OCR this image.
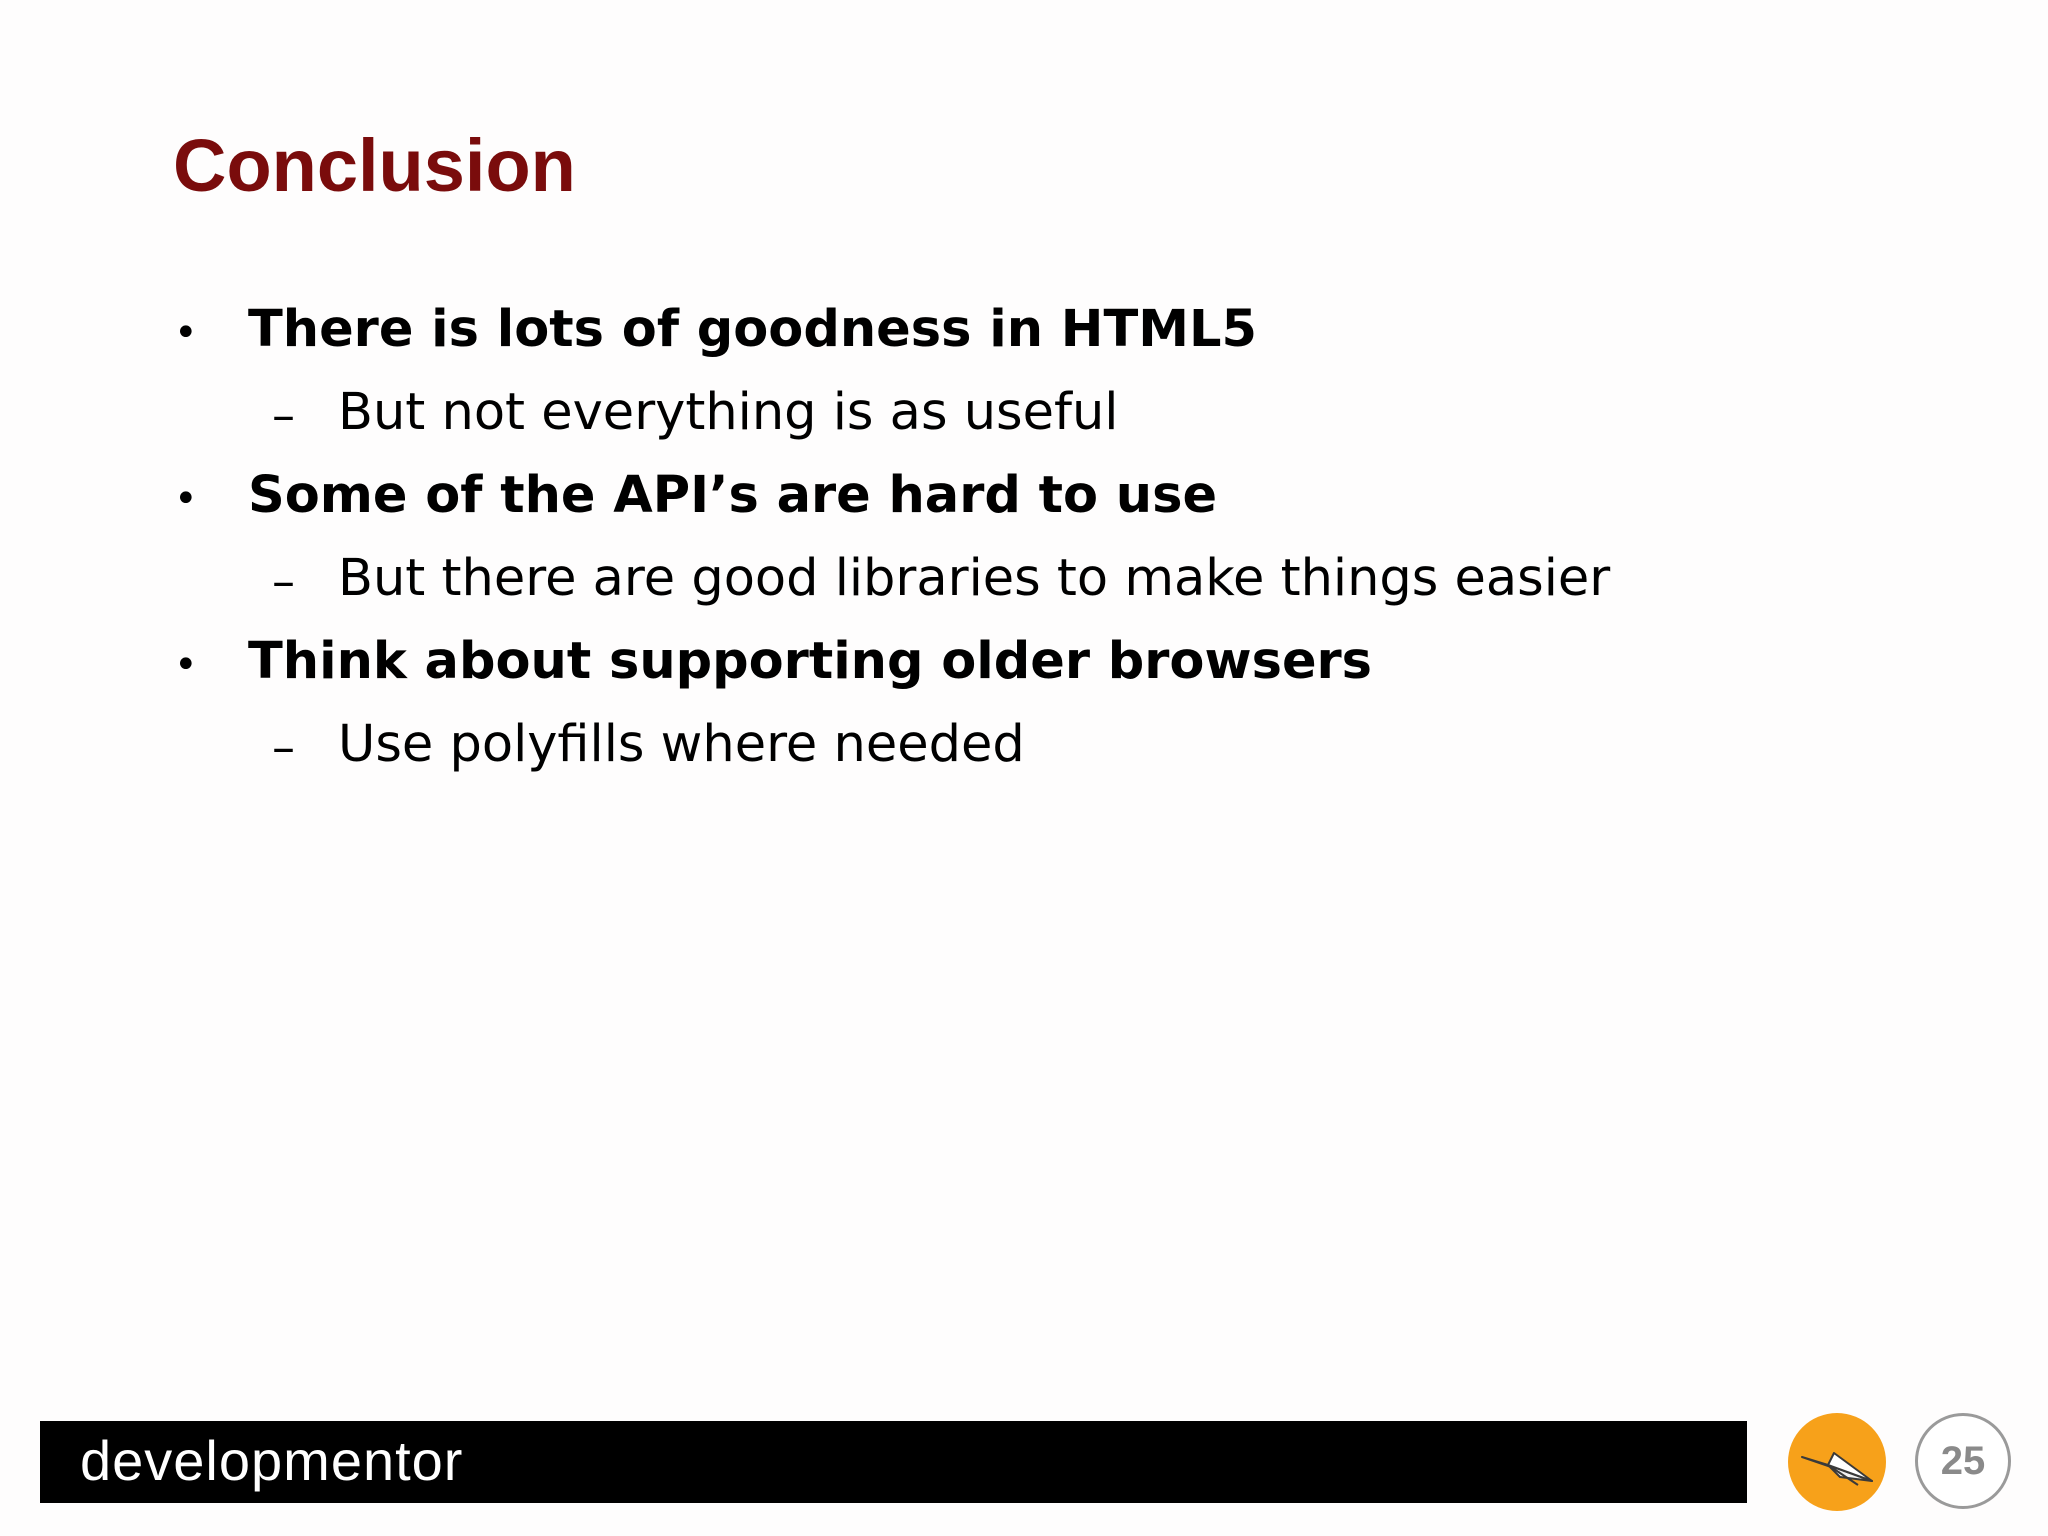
Conclusion
• There is lots of goodness in HTML5
– But not everything is as useful
• Some of the API’s are hard to use
– But there are good libraries to make things easier
• Think about supporting older browsers
– Use polyfills where needed
developmentor	25
